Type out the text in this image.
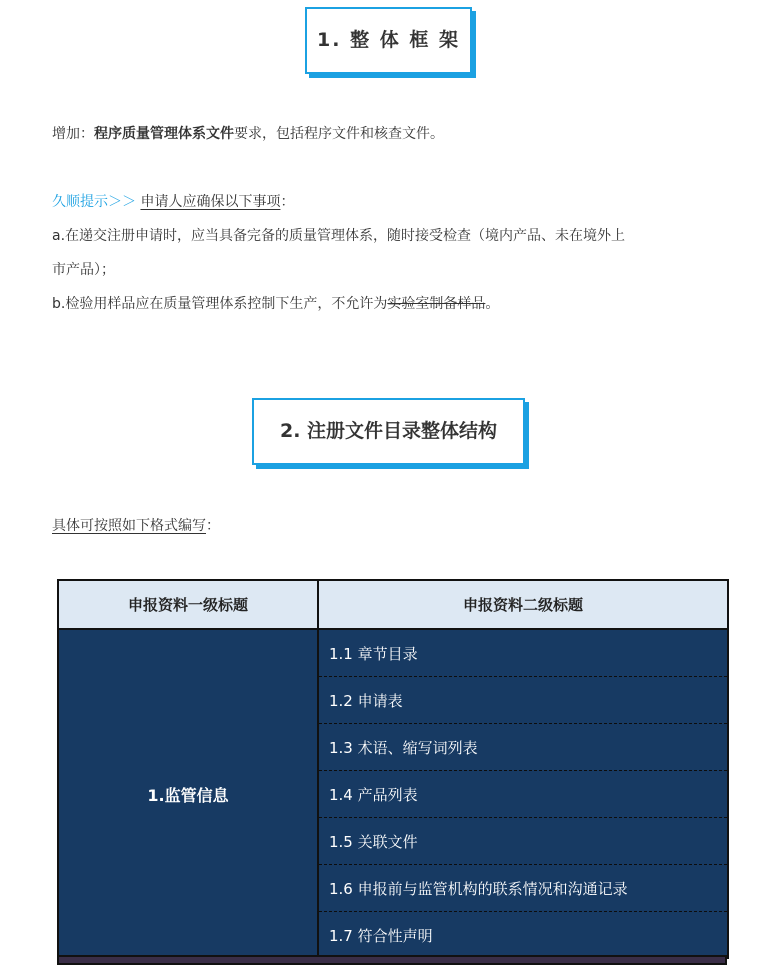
1. 整 体 框 架
增加：程序质量管理体系文件要求，包括程序文件和核查文件。
久顺提示＞＞ 申请人应确保以下事项：
a.在递交注册申请时，应当具备完备的质量管理体系，随时接受检查（境内产品、未在境外上
市产品）；
b.检验用样品应在质量管理体系控制下生产，不允许为实验室制备样品。
2. 注册文件目录整体结构
具体可按照如下格式编写：
申报资料一级标题	申报资料二级标题
1.监管信息	1.1 章节目录
	1.2 申请表
	1.3 术语、缩写词列表
	1.4 产品列表
	1.5 关联文件
	1.6 申报前与监管机构的联系情况和沟通记录
	1.7 符合性声明
